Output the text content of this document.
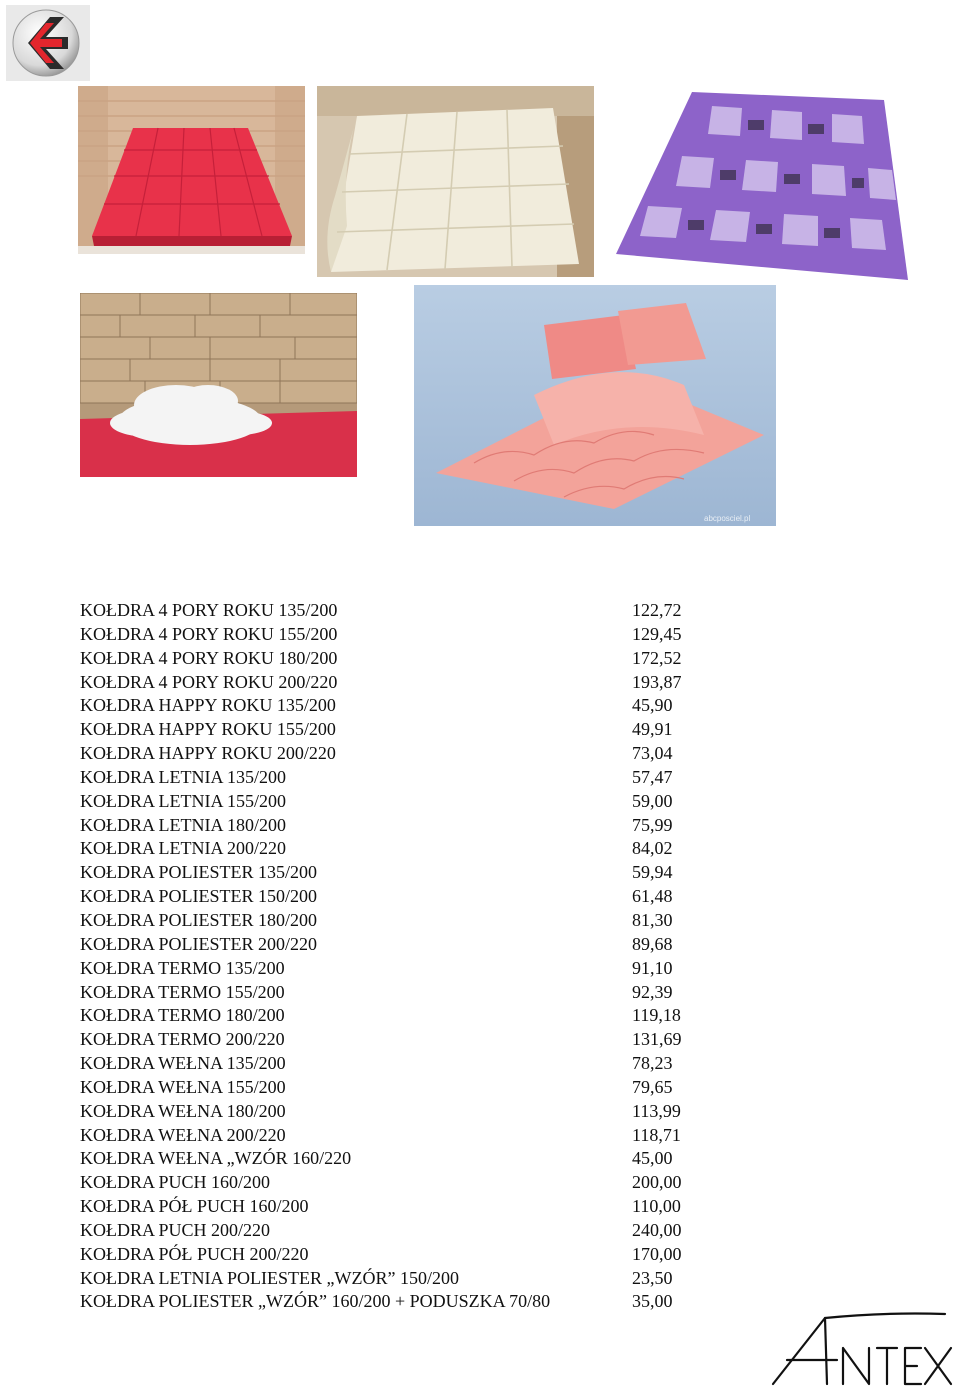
abcposciel.pl
KOŁDRA 4 PORY ROKU 135/200	122,72
KOŁDRA 4 PORY ROKU 155/200	129,45
KOŁDRA 4 PORY ROKU 180/200	172,52
KOŁDRA 4 PORY ROKU 200/220	193,87
KOŁDRA HAPPY ROKU 135/200	45,90
KOŁDRA HAPPY ROKU 155/200	49,91
KOŁDRA HAPPY ROKU 200/220	73,04
KOŁDRA LETNIA 135/200	57,47
KOŁDRA LETNIA 155/200	59,00
KOŁDRA LETNIA 180/200	75,99
KOŁDRA LETNIA 200/220	84,02
KOŁDRA POLIESTER 135/200	59,94
KOŁDRA POLIESTER 150/200	61,48
KOŁDRA POLIESTER 180/200	81,30
KOŁDRA POLIESTER 200/220	89,68
KOŁDRA TERMO 135/200	91,10
KOŁDRA TERMO 155/200	92,39
KOŁDRA TERMO 180/200	119,18
KOŁDRA TERMO 200/220	131,69
KOŁDRA WEŁNA 135/200	78,23
KOŁDRA WEŁNA 155/200	79,65
KOŁDRA WEŁNA 180/200	113,99
KOŁDRA WEŁNA 200/220	118,71
KOŁDRA WEŁNA „WZÓR 160/220	45,00
KOŁDRA PUCH 160/200	200,00
KOŁDRA PÓŁ PUCH 160/200	110,00
KOŁDRA PUCH 200/220	240,00
KOŁDRA PÓŁ PUCH 200/220	170,00
KOŁDRA LETNIA POLIESTER „WZÓR” 150/200	23,50
KOŁDRA POLIESTER „WZÓR” 160/200 + PODUSZKA 70/80	35,00
